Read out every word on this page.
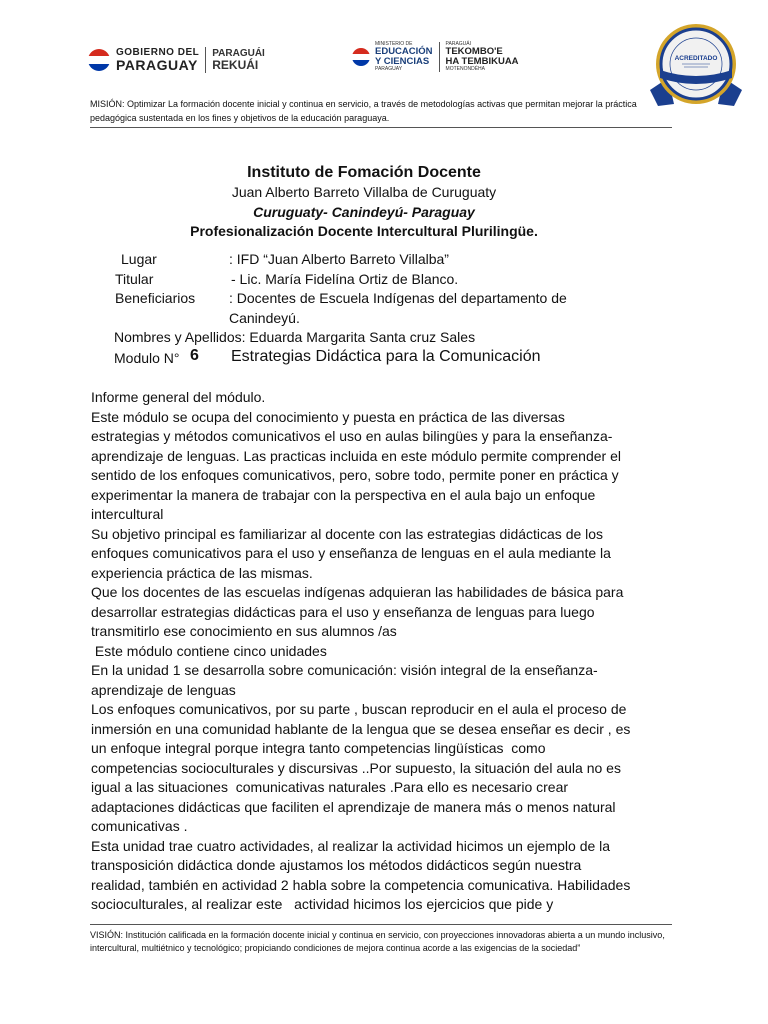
GOBIERNO DEL
PARAGUAY
PARAGUÁI
REKUÁI
MINISTERIO DE
EDUCACIÓN
Y CIENCIAS
PARAGUAY
PARAGUÁI
TEKOMBO'E
HA TEMBIKUAA
MOTENONDÉHA
ACREDITADO
MISIÓN: Optimizar La formación docente inicial y continua en servicio, a través de metodologías activas que permitan mejorar la práctica pedagógica sustentada en los fines y objetivos de la educación paraguaya.
Instituto de Fomación Docente
Juan Alberto Barreto Villalba de Curuguaty
Curuguaty- Canindeyú- Paraguay
Profesionalización Docente Intercultural Plurilingüe.
Lugar	: IFD “Juan Alberto Barreto Villalba”
Titular	- Lic. María Fidelína Ortiz de Blanco.
Beneficiarios : Docentes de Escuela Indígenas del departamento de
Canindeyú.
Nombres y Apellidos: Eduarda Margarita Santa cruz Sales
Modulo N° 6 Estrategias Didáctica para la Comunicación

Informe general del módulo.

Este módulo se ocupa del conocimiento y puesta en práctica de las diversas

estrategias y métodos comunicativos el uso en aulas bilingües y para la enseñanza-

aprendizaje de lenguas. Las practicas incluida en este módulo permite comprender el

sentido de los enfoques comunicativos, pero, sobre todo, permite poner en práctica y

experimentar la manera de trabajar con la perspectiva en el aula bajo un enfoque

intercultural

Su objetivo principal es familiarizar al docente con las estrategias didácticas de los

enfoques comunicativos para el uso y enseñanza de lenguas en el aula mediante la

experiencia práctica de las mismas.

Que los docentes de las escuelas indígenas adquieran las habilidades de básica para

desarrollar estrategias didácticas para el uso y enseñanza de lenguas para luego

transmitirlo ese conocimiento en sus alumnos /as

Este módulo contiene cinco unidades

En la unidad 1 se desarrolla sobre comunicación: visión integral de la enseñanza-

aprendizaje de lenguas

Los enfoques comunicativos, por su parte , buscan reproducir en el aula el proceso de

inmersión en una comunidad hablante de la lengua que se desea enseñar es decir , es

un enfoque integral porque integra tanto competencias lingüísticas  como

competencias socioculturales y discursivas ..Por supuesto, la situación del aula no es

igual a las situaciones  comunicativas naturales .Para ello es necesario crear

adaptaciones didácticas que faciliten el aprendizaje de manera más o menos natural

comunicativas .

Esta unidad trae cuatro actividades, al realizar la actividad hicimos un ejemplo de la

transposición didáctica donde ajustamos los métodos didácticos según nuestra

realidad, también en actividad 2 habla sobre la competencia comunicativa. Habilidades

socioculturales, al realizar este   actividad hicimos los ejercicios que pide y

VISIÓN: Institución calificada en la formación docente inicial y continua en servicio, con proyecciones innovadoras abierta a un mundo inclusivo, intercultural, multiétnico y tecnológico; propiciando condiciones de mejora continua acorde a las exigencias de la sociedad”
